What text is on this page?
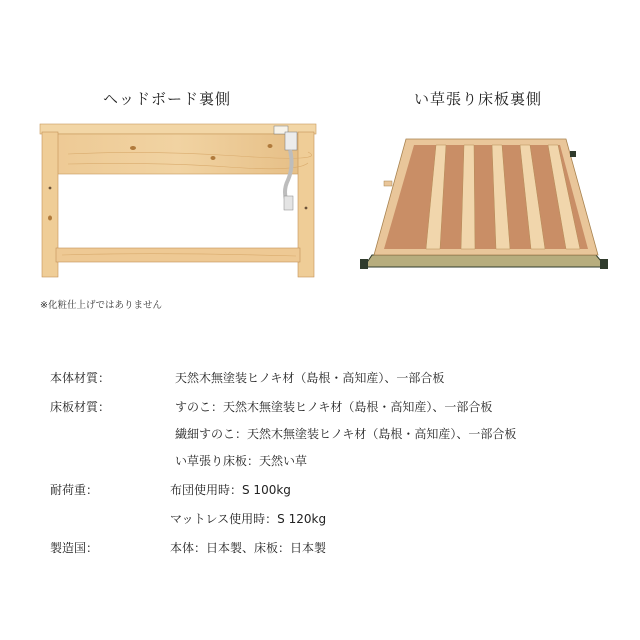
ヘッドボード裏側	い草張り床板裏側
※化粧仕上げではありません
本体材質：	天然木無塗装ヒノキ材（島根・高知産）、一部合板
床板材質：	すのこ：天然木無塗装ヒノキ材（島根・高知産）、一部合板
繊細すのこ：天然木無塗装ヒノキ材（島根・高知産）、一部合板
い草張り床板：天然い草
耐荷重：	布団使用時：S 100kg
マットレス使用時：S 120kg
製造国：	本体：日本製、床板：日本製
